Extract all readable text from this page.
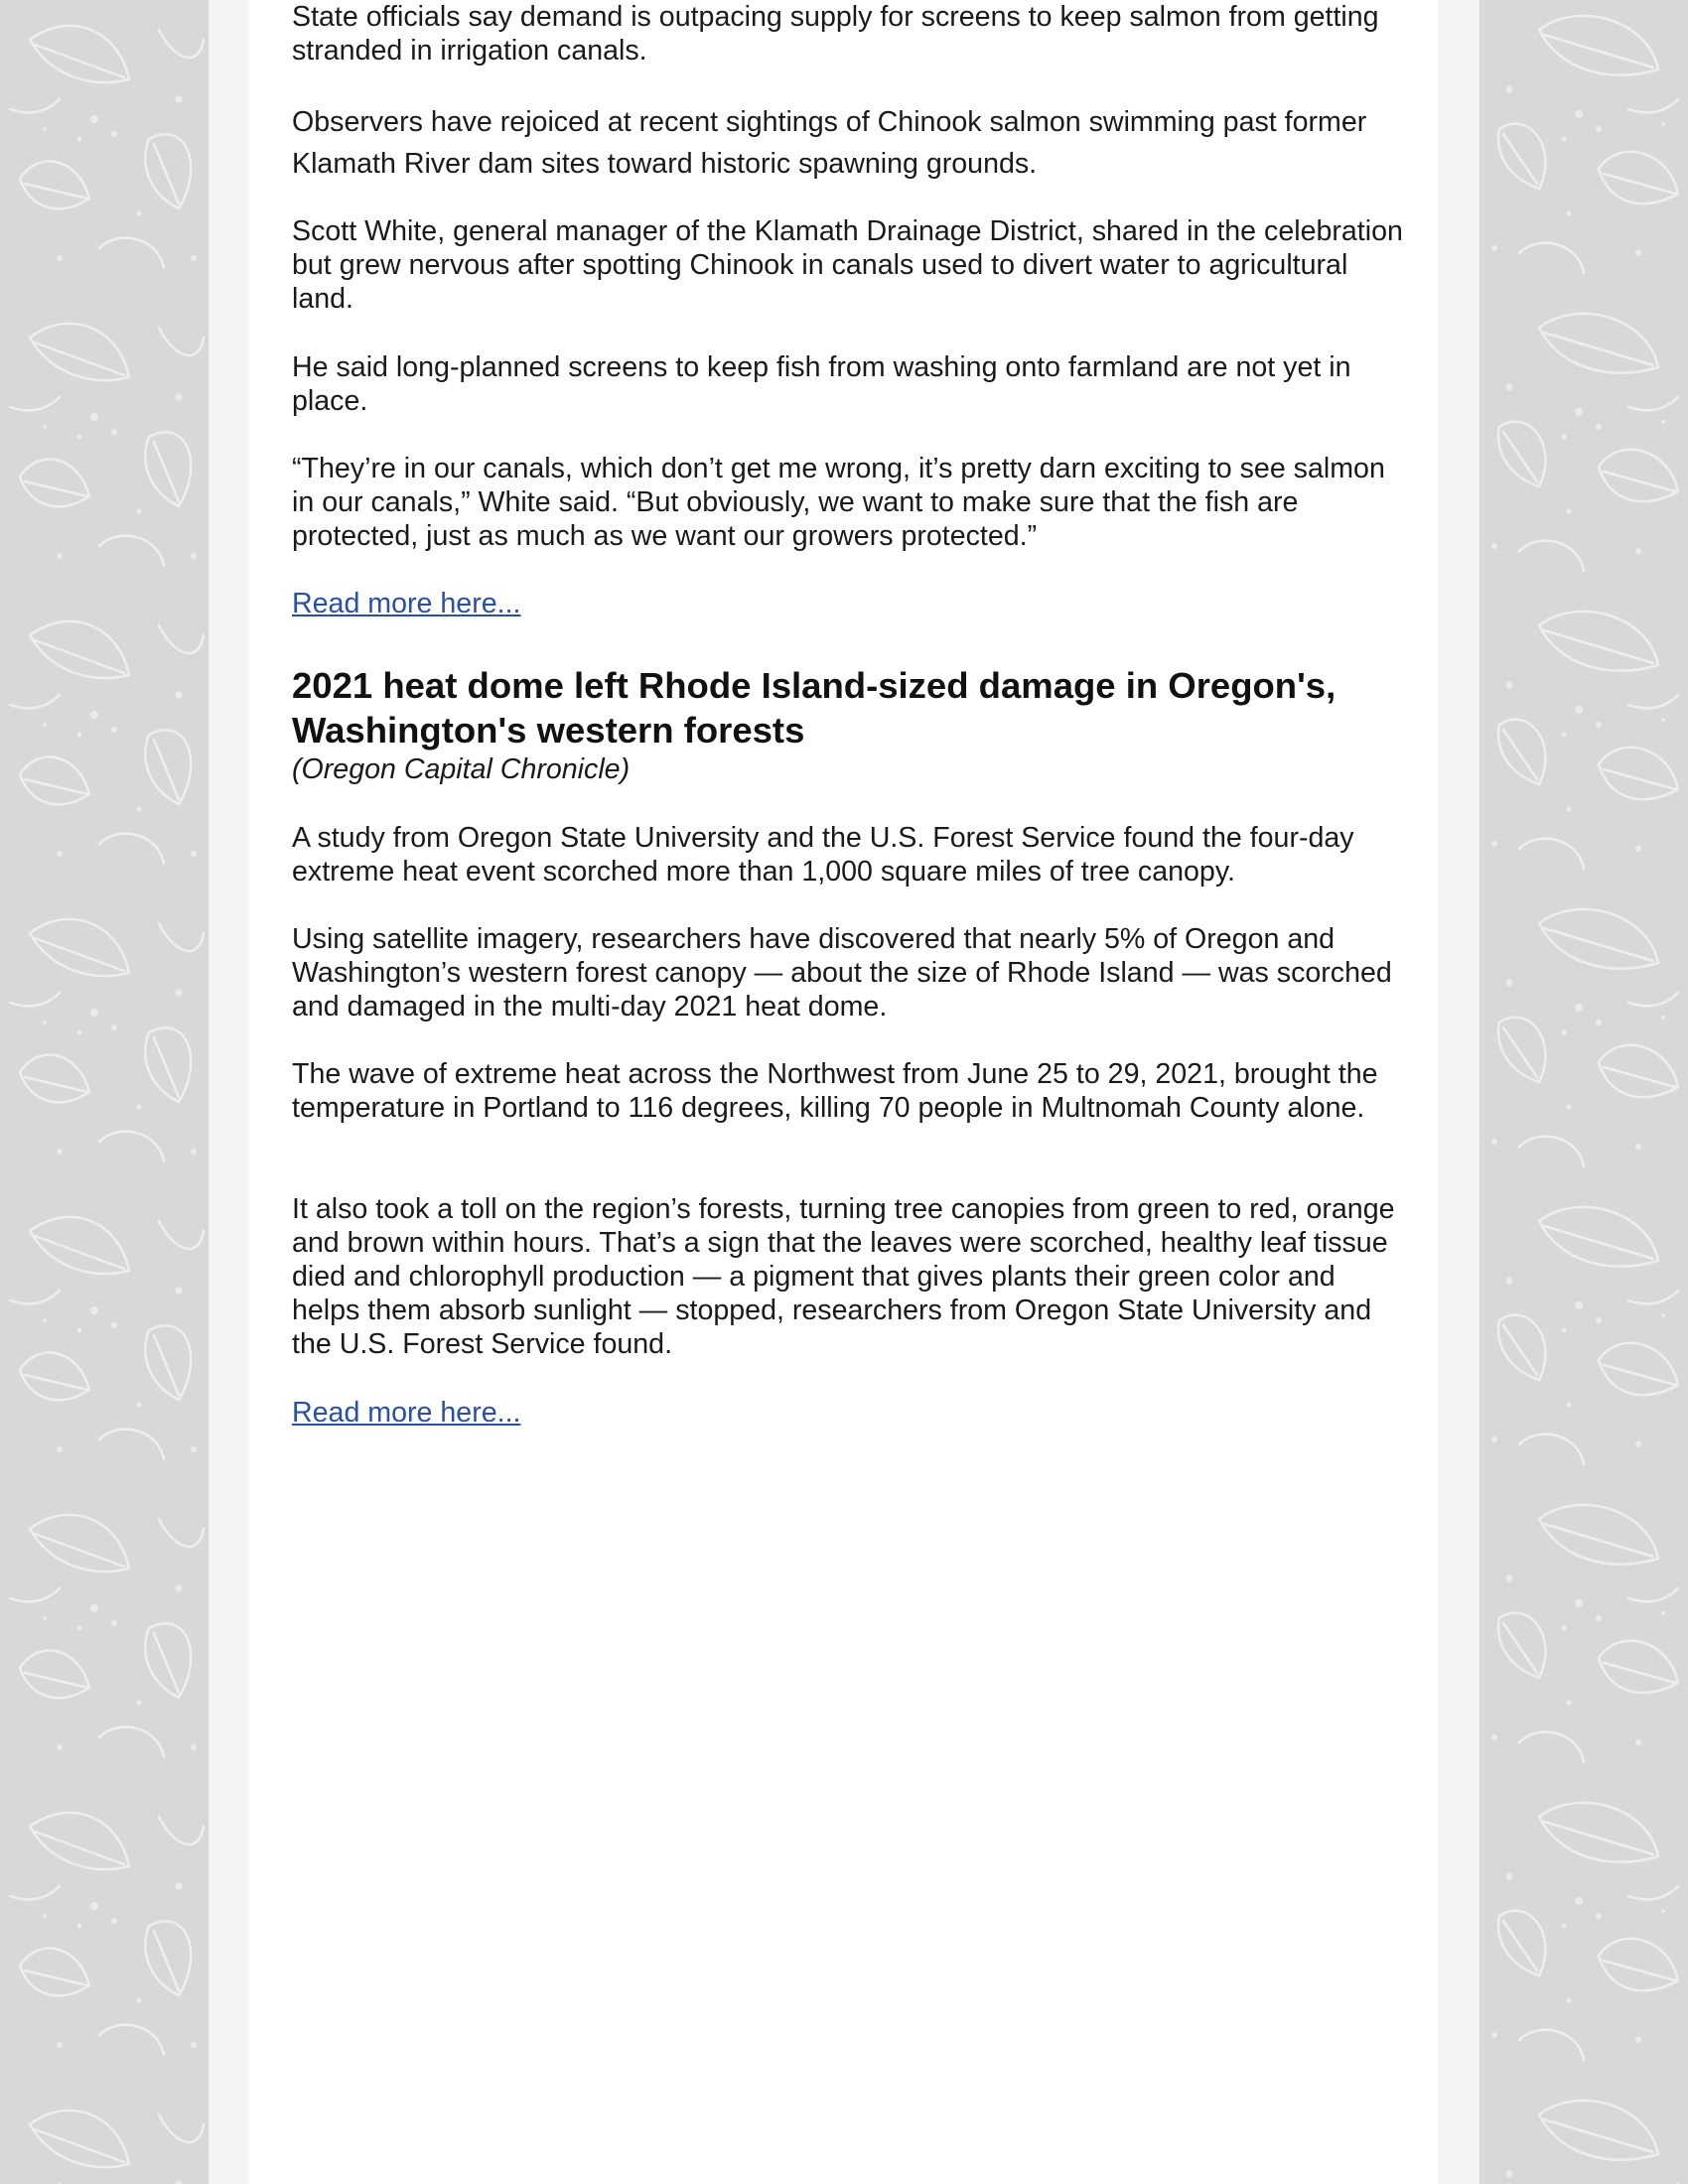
State officials say demand is outpacing supply for screens to keep salmon from getting stranded in irrigation canals.

Observers have rejoiced at recent sightings of Chinook salmon swimming past former Klamath River dam sites toward historic spawning grounds.

Scott White, general manager of the Klamath Drainage District, shared in the celebration but grew nervous after spotting Chinook in canals used to divert water to agricultural land.

He said long-planned screens to keep fish from washing onto farmland are not yet in place.

“They’re in our canals, which don’t get me wrong, it’s pretty darn exciting to see salmon in our canals,” White said. “But obviously, we want to make sure that the fish are protected, just as much as we want our growers protected.”

Read more here...
2021 heat dome left Rhode Island-sized damage in Oregon's, Washington's western forests

(Oregon Capital Chronicle)

A study from Oregon State University and the U.S. Forest Service found the four-day extreme heat event scorched more than 1,000 square miles of tree canopy.

Using satellite imagery, researchers have discovered that nearly 5% of Oregon and Washington’s western forest canopy — about the size of Rhode Island — was scorched and damaged in the multi-day 2021 heat dome.

The wave of extreme heat across the Northwest from June 25 to 29, 2021, brought the temperature in Portland to 116 degrees, killing 70 people in Multnomah County alone.

It also took a toll on the region’s forests, turning tree canopies from green to red, orange and brown within hours. That’s a sign that the leaves were scorched, healthy leaf tissue died and chlorophyll production — a pigment that gives plants their green color and helps them absorb sunlight — stopped, researchers from Oregon State University and the U.S. Forest Service found.

Read more here...
